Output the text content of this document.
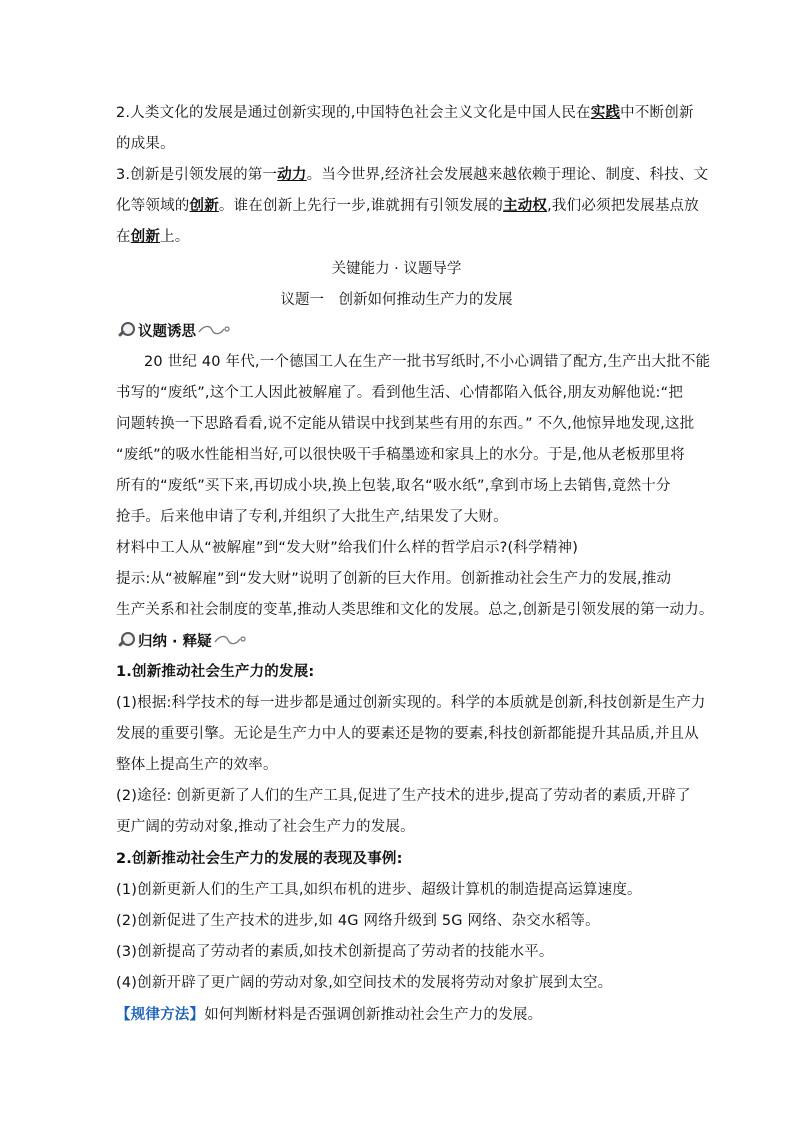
2.人类文化的发展是通过创新实现的,中国特色社会主义文化是中国人民在实践中不断创新
的成果。
3.创新是引领发展的第一动力。当今世界,经济社会发展越来越依赖于理论、制度、科技、文
化等领域的创新。谁在创新上先行一步,谁就拥有引领发展的主动权,我们必须把发展基点放
在创新上。
关键能力 · 议题导学
议题一　创新如何推动生产力的发展
议题诱思
20 世纪 40 年代,一个德国工人在生产一批书写纸时,不小心调错了配方,生产出大批不能
书写的“废纸”,这个工人因此被解雇了。看到他生活、心情都陷入低谷,朋友劝解他说:“把
问题转换一下思路看看,说不定能从错误中找到某些有用的东西。” 不久,他惊异地发现,这批
“废纸”的吸水性能相当好,可以很快吸干手稿墨迹和家具上的水分。于是,他从老板那里将
所有的“废纸”买下来,再切成小块,换上包装,取名“吸水纸”,拿到市场上去销售,竟然十分
抢手。后来他申请了专利,并组织了大批生产,结果发了大财。
材料中工人从“被解雇”到“发大财”给我们什么样的哲学启示?(科学精神)
提示:从“被解雇”到“发大财”说明了创新的巨大作用。创新推动社会生产力的发展,推动
生产关系和社会制度的变革,推动人类思维和文化的发展。总之,创新是引领发展的第一动力。
归纳 · 释疑
1.创新推动社会生产力的发展:
(1)根据:科学技术的每一进步都是通过创新实现的。科学的本质就是创新,科技创新是生产力
发展的重要引擎。无论是生产力中人的要素还是物的要素,科技创新都能提升其品质,并且从
整体上提高生产的效率。
(2)途径: 创新更新了人们的生产工具,促进了生产技术的进步,提高了劳动者的素质,开辟了
更广阔的劳动对象,推动了社会生产力的发展。
2.创新推动社会生产力的发展的表现及事例:
(1)创新更新人们的生产工具,如织布机的进步、超级计算机的制造提高运算速度。
(2)创新促进了生产技术的进步,如 4G 网络升级到 5G 网络、杂交水稻等。
(3)创新提高了劳动者的素质,如技术创新提高了劳动者的技能水平。
(4)创新开辟了更广阔的劳动对象,如空间技术的发展将劳动对象扩展到太空。
【规律方法】如何判断材料是否强调创新推动社会生产力的发展。
